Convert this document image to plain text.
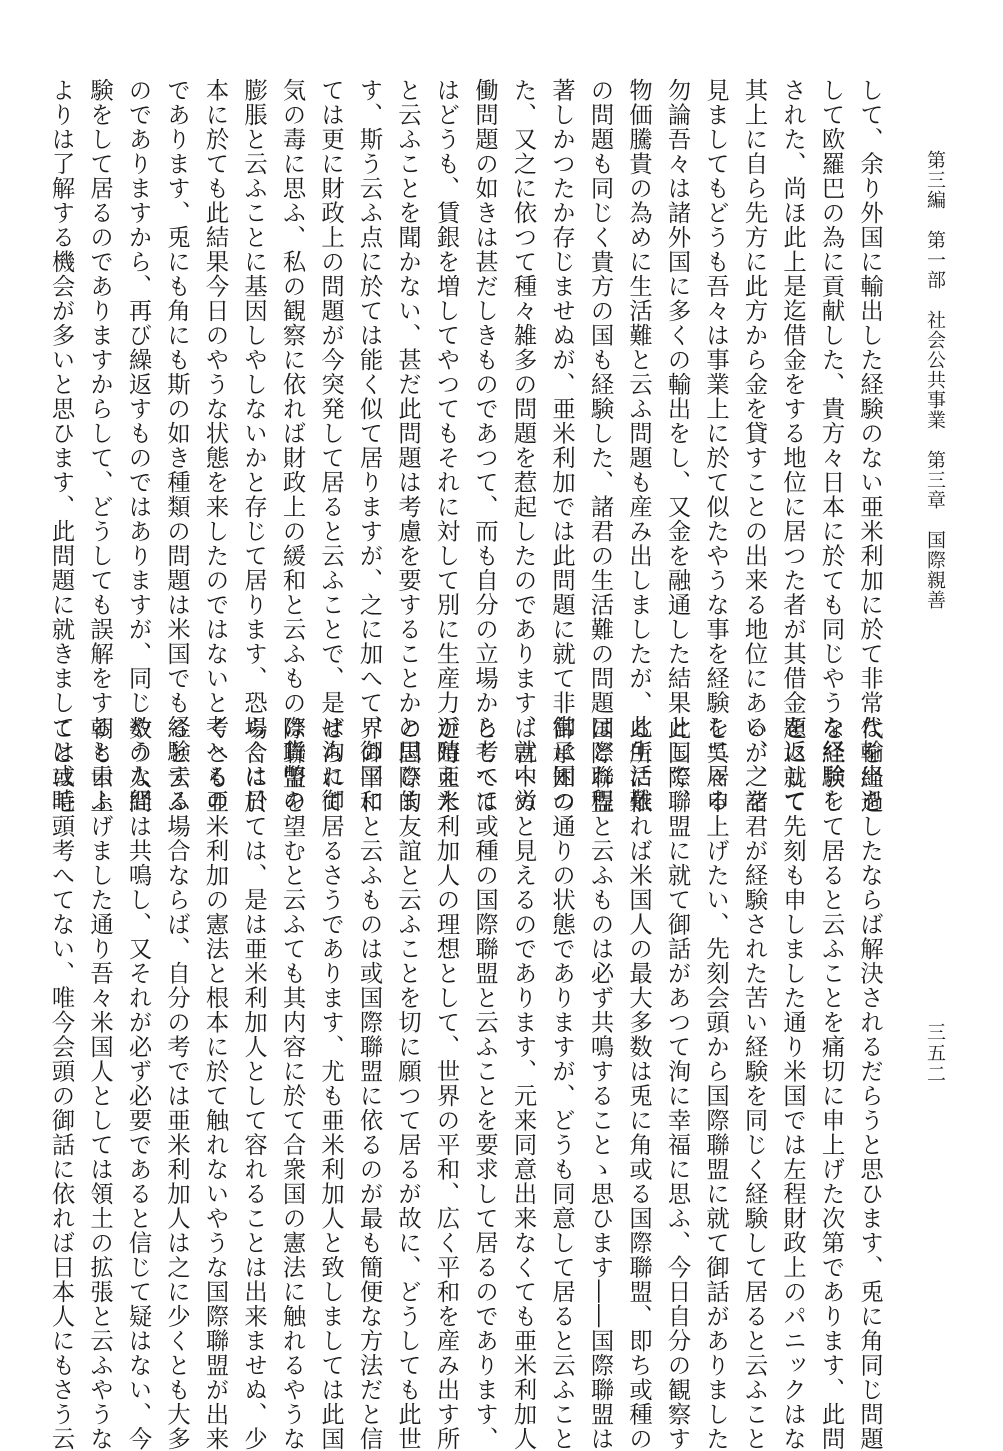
第三編　第一部　社会公共事業　第三章　国際親善
三五二
して、余り外国に輸出した経験のない亜米利加に於て非常な輸出を
して欧羅巴の為に貢献した、貴方々日本に於ても同じやうな経験を
された、尚ほ此上是迄借金をする地位に居つた者が其借金を返して
其上に自ら先方に此方から金を貸すことの出来る地位にある、之を
見ましてもどうも吾々は事業上に於て似たやうな事を経験して居る
勿論吾々は諸外国に多くの輸出をし、又金を融通した結果として、
物価騰貴の為めに生活難と云ふ問題も産み出しましたが、此生活難
の問題も同じく貴方の国も経験した、諸君の生活難の問題はどれ程
著しかつたか存じませぬが、亜米利加では此問題に就て非常に困つ
た、又之に依つて種々雑多の問題を惹起したのであります、就中労
働問題の如きは甚だしきものであつて、而も自分の立場から考へて
はどうも、賃銀を増してやつてもそれに対して別に生産力が殖えた
と云ふことを聞かない、甚だ此問題は考慮を要することかと思ひま
す、斯う云ふ点に於ては能く似て居りますが、之に加へて、御国に
ては更に財政上の問題が今突発して居ると云ふことで、是は洵に御
気の毒に思ふ、私の観察に依れば財政上の緩和と云ふものは貨幣の
膨脹と云ふことに基因しやしないかと存じて居ります、恐らくは日
本に於ても此結果今日のやうな状態を来したのではないと考へるの
であります、兎にも角にも斯の如き種類の問題は米国でも経験する
のでありますから、再び繰返すものではありますが、同じやうな経
験をして居るのでありますからして、どうしても誤解をすると云ふ
よりは了解する機会が多いと思ひます、此問題に就きましては或時
代を経過したならば解決されるだらうと思ひます、兎に角同じ問題
を経験して居ると云ふことを痛切に申上げた次第であります、此問
題に就て先刻も申しました通り米国では左程財政上のパニックはな
いが、諸君が経験された苦い経験を同じく経験して居ると云ふこと
を呉々申上げたい、先刻会頭から国際聯盟に就て御話がありました
此国際聯盟に就て御話があつて洵に幸福に思ふ、今日自分の観察す
る所に依れば米国人の最大多数は兎に角或る国際聯盟、即ち或種の
国際聯盟と云ふものは必ず共鳴することゝ思ひます――国際聯盟は
御承知の通りの状態でありますが、どうも同意して居ると云ふこと
は言へぬと見えるのであります、元来同意出来なくても亜米利加人
としては或種の国際聯盟と云ふことを要求して居るのであります、
近時亜米利加人の理想として、世界の平和、広く平和を産み出す所
の国際的友誼と云ふことを切に願つて居るが故に、どうしても此世
界の平和と云ふものは或国際聯盟に依るのが最も簡便な方法だと信
ぜられて居るさうであります、尤も亜米利加人と致しましては此国
際聯盟を望むと云ふても其内容に於て合衆国の憲法に触れるやうな
場合に於ては、是は亜米利加人として容れることは出来ませぬ、少
くとも亜米利加の憲法と根本に於て触れないやうな国際聯盟が出来
ると云ふ場合ならば、自分の考では亜米利加人は之に少くとも大多
数の人間は共鳴し、又それが必ず必要であると信じて疑はない、今
朝も申上げました通り吾々米国人としては領土の拡張と云ふやうな
ことは毛頭考へてない、唯今会頭の御話に依れば日本人にもさう云
